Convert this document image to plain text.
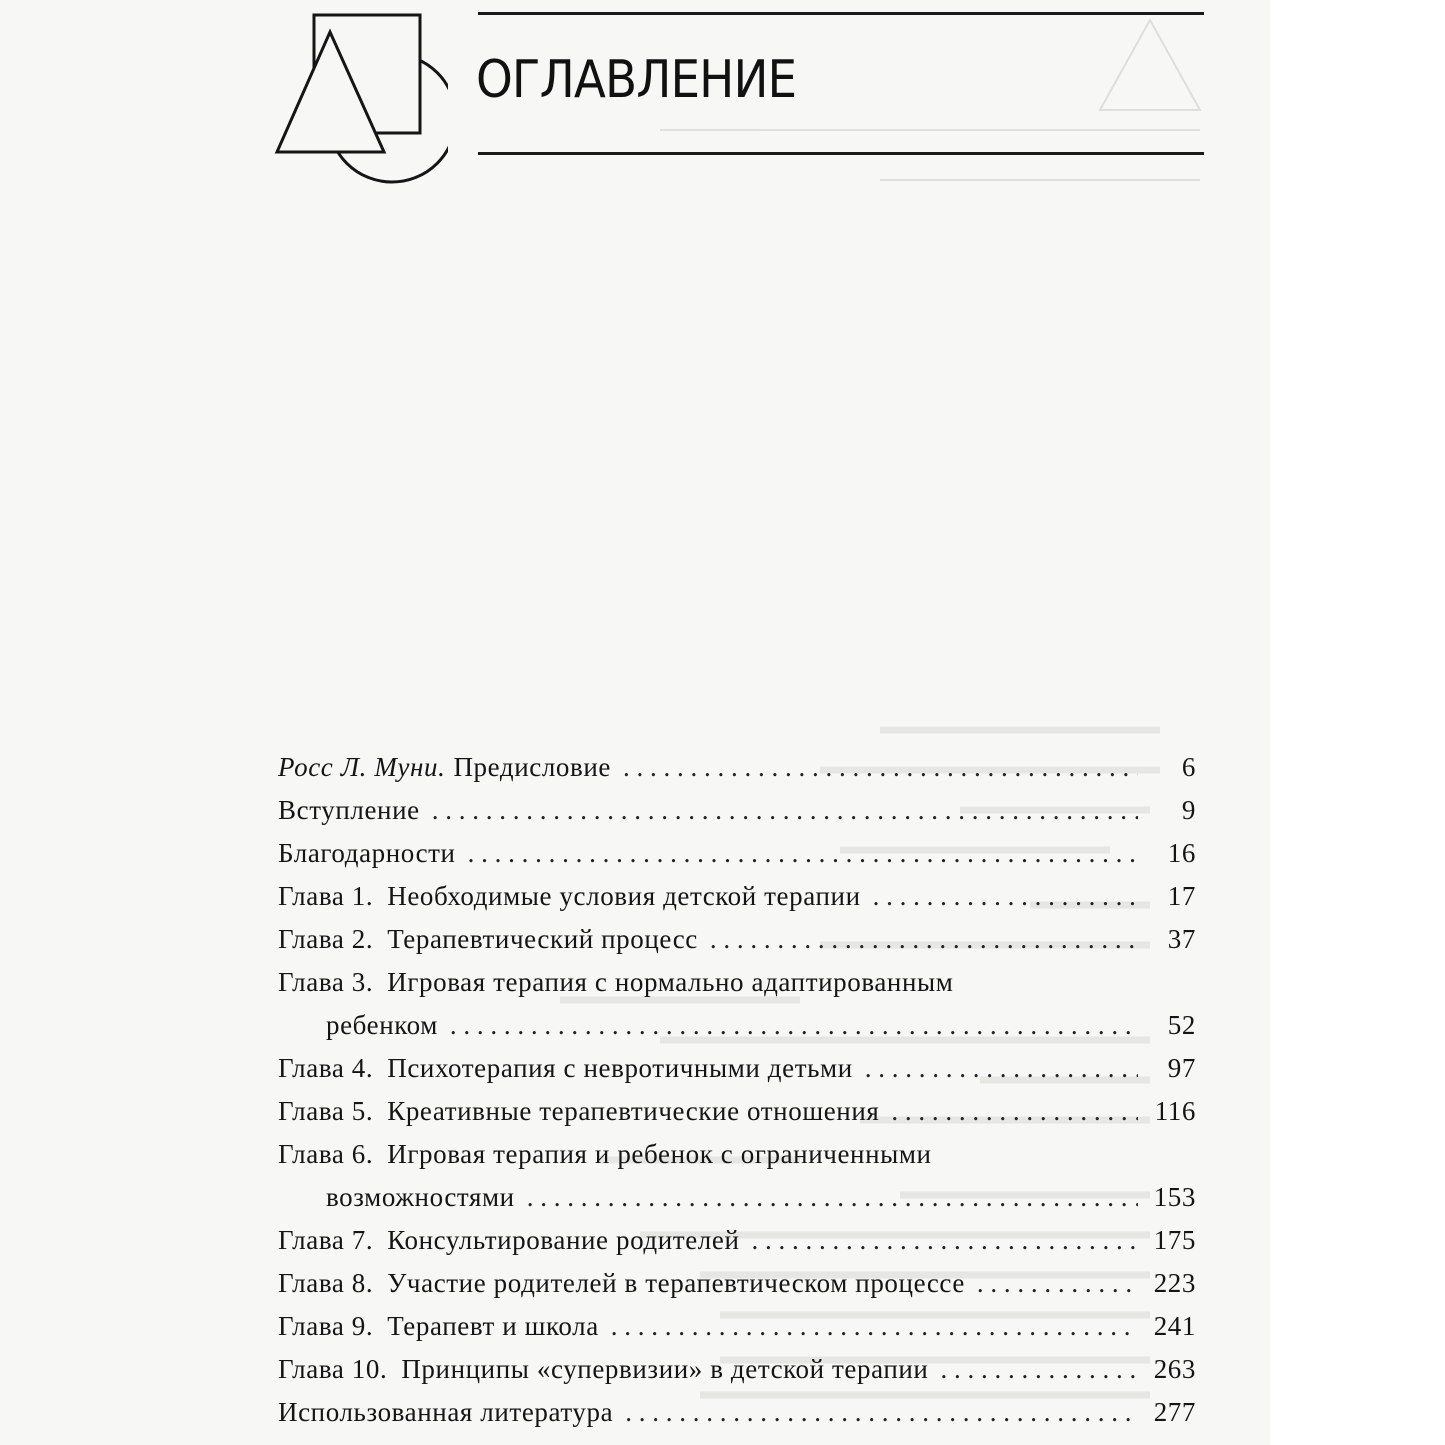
ОГЛАВЛЕНИЕ
Росс Л. Муни. Предисловие . . .	6
Вступление . . .	9
Благодарности . . .	16
Глава 1. Необходимые условия детской терапии . . .	17
Глава 2. Терапевтический процесс . . .	37
Глава 3. Игровая терапия с нормально адаптированным
ребенком . . .	52
Глава 4. Психотерапия с невротичными детьми . . .	97
Глава 5. Креативные терапевтические отношения . . .	116
Глава 6. Игровая терапия и ребенок с ограниченными
возможностями . . .	153
Глава 7. Консультирование родителей . . .	175
Глава 8. Участие родителей в терапевтическом процессе . . .	223
Глава 9. Терапевт и школа . . .	241
Глава 10. Принципы «супервизии» в детской терапии . . .	263
Использованная литература . . .	277
